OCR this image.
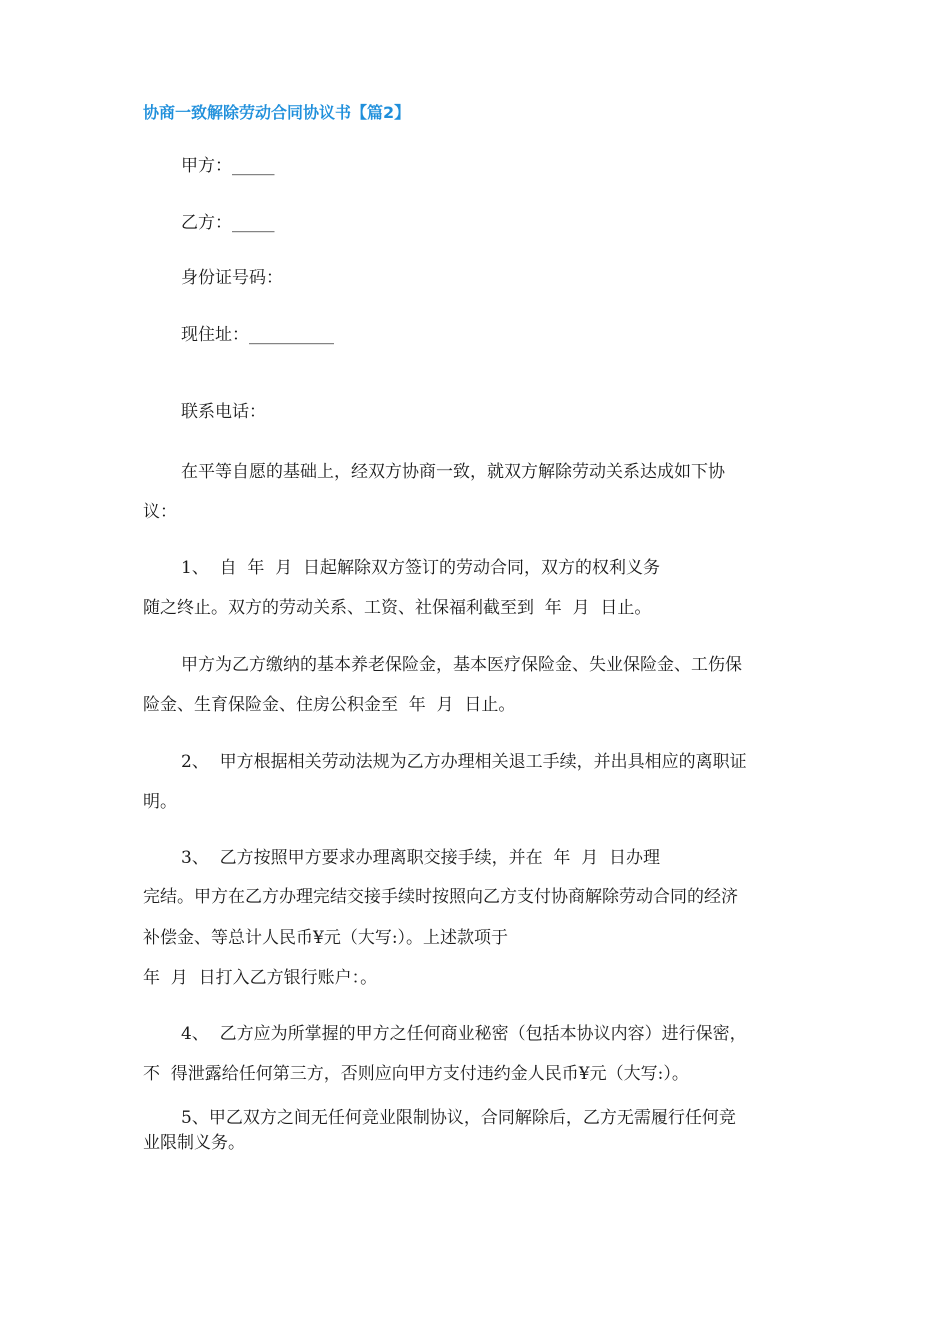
协商一致解除劳动合同协议书【篇2】

甲方：_____

乙方：_____

身份证号码：

现住址：__________

联系电话：

在平等自愿的基础上，经双方协商一致，就双方解除劳动关系达成如下协

议：

1、  自  年  月  日起解除双方签订的劳动合同，双方的权利义务

随之终止。双方的劳动关系、工资、社保福利截至到  年  月  日止。

甲方为乙方缴纳的基本养老保险金，基本医疗保险金、失业保险金、工伤保

险金、生育保险金、住房公积金至  年  月  日止。

2、  甲方根据相关劳动法规为乙方办理相关退工手续，并出具相应的离职证

明。

3、  乙方按照甲方要求办理离职交接手续，并在  年  月  日办理

完结。甲方在乙方办理完结交接手续时按照向乙方支付协商解除劳动合同的经济

补偿金、等总计人民币¥元（大写:）。上述款项于

年  月  日打入乙方银行账户：。

4、  乙方应为所掌握的甲方之任何商业秘密（包括本协议内容）进行保密，

不  得泄露给任何第三方，否则应向甲方支付违约金人民币¥元（大写:）。

5、甲乙双方之间无任何竞业限制协议，合同解除后，乙方无需履行任何竞

业限制义务。
